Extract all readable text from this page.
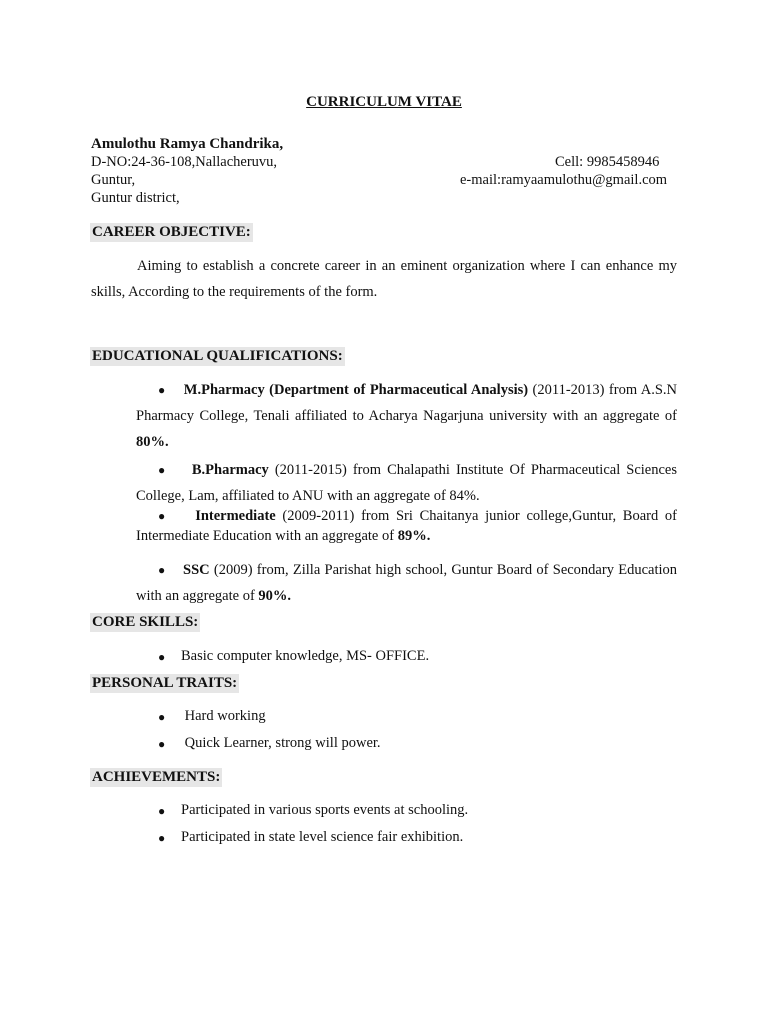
CURRICULUM VITAE
Amulothu Ramya Chandrika,
D-NO:24-36-108,Nallacheruvu,
Guntur,
Guntur district,
Cell: 9985458946
e-mail:ramyaamulothu@gmail.com
CAREER OBJECTIVE:
Aiming to establish a concrete career in an eminent organization where I can enhance my skills, According to the requirements of the form.
EDUCATIONAL QUALIFICATIONS:
● M.Pharmacy (Department of Pharmaceutical Analysis) (2011-2013) from A.S.N Pharmacy College, Tenali affiliated to Acharya Nagarjuna university with an aggregate of 80%.
● B.Pharmacy (2011-2015) from Chalapathi Institute Of Pharmaceutical Sciences College, Lam, affiliated to ANU with an aggregate of 84%.
● Intermediate (2009-2011) from Sri Chaitanya junior college,Guntur, Board of Intermediate Education with an aggregate of 89%.
● SSC (2009) from, Zilla Parishat high school, Guntur Board of Secondary Education with an aggregate of 90%.
CORE SKILLS:
● Basic computer knowledge, MS- OFFICE.
PERSONAL TRAITS:
● Hard working
● Quick Learner, strong will power.
ACHIEVEMENTS:
● Participated in various sports events at schooling.
● Participated in state level science fair exhibition.
